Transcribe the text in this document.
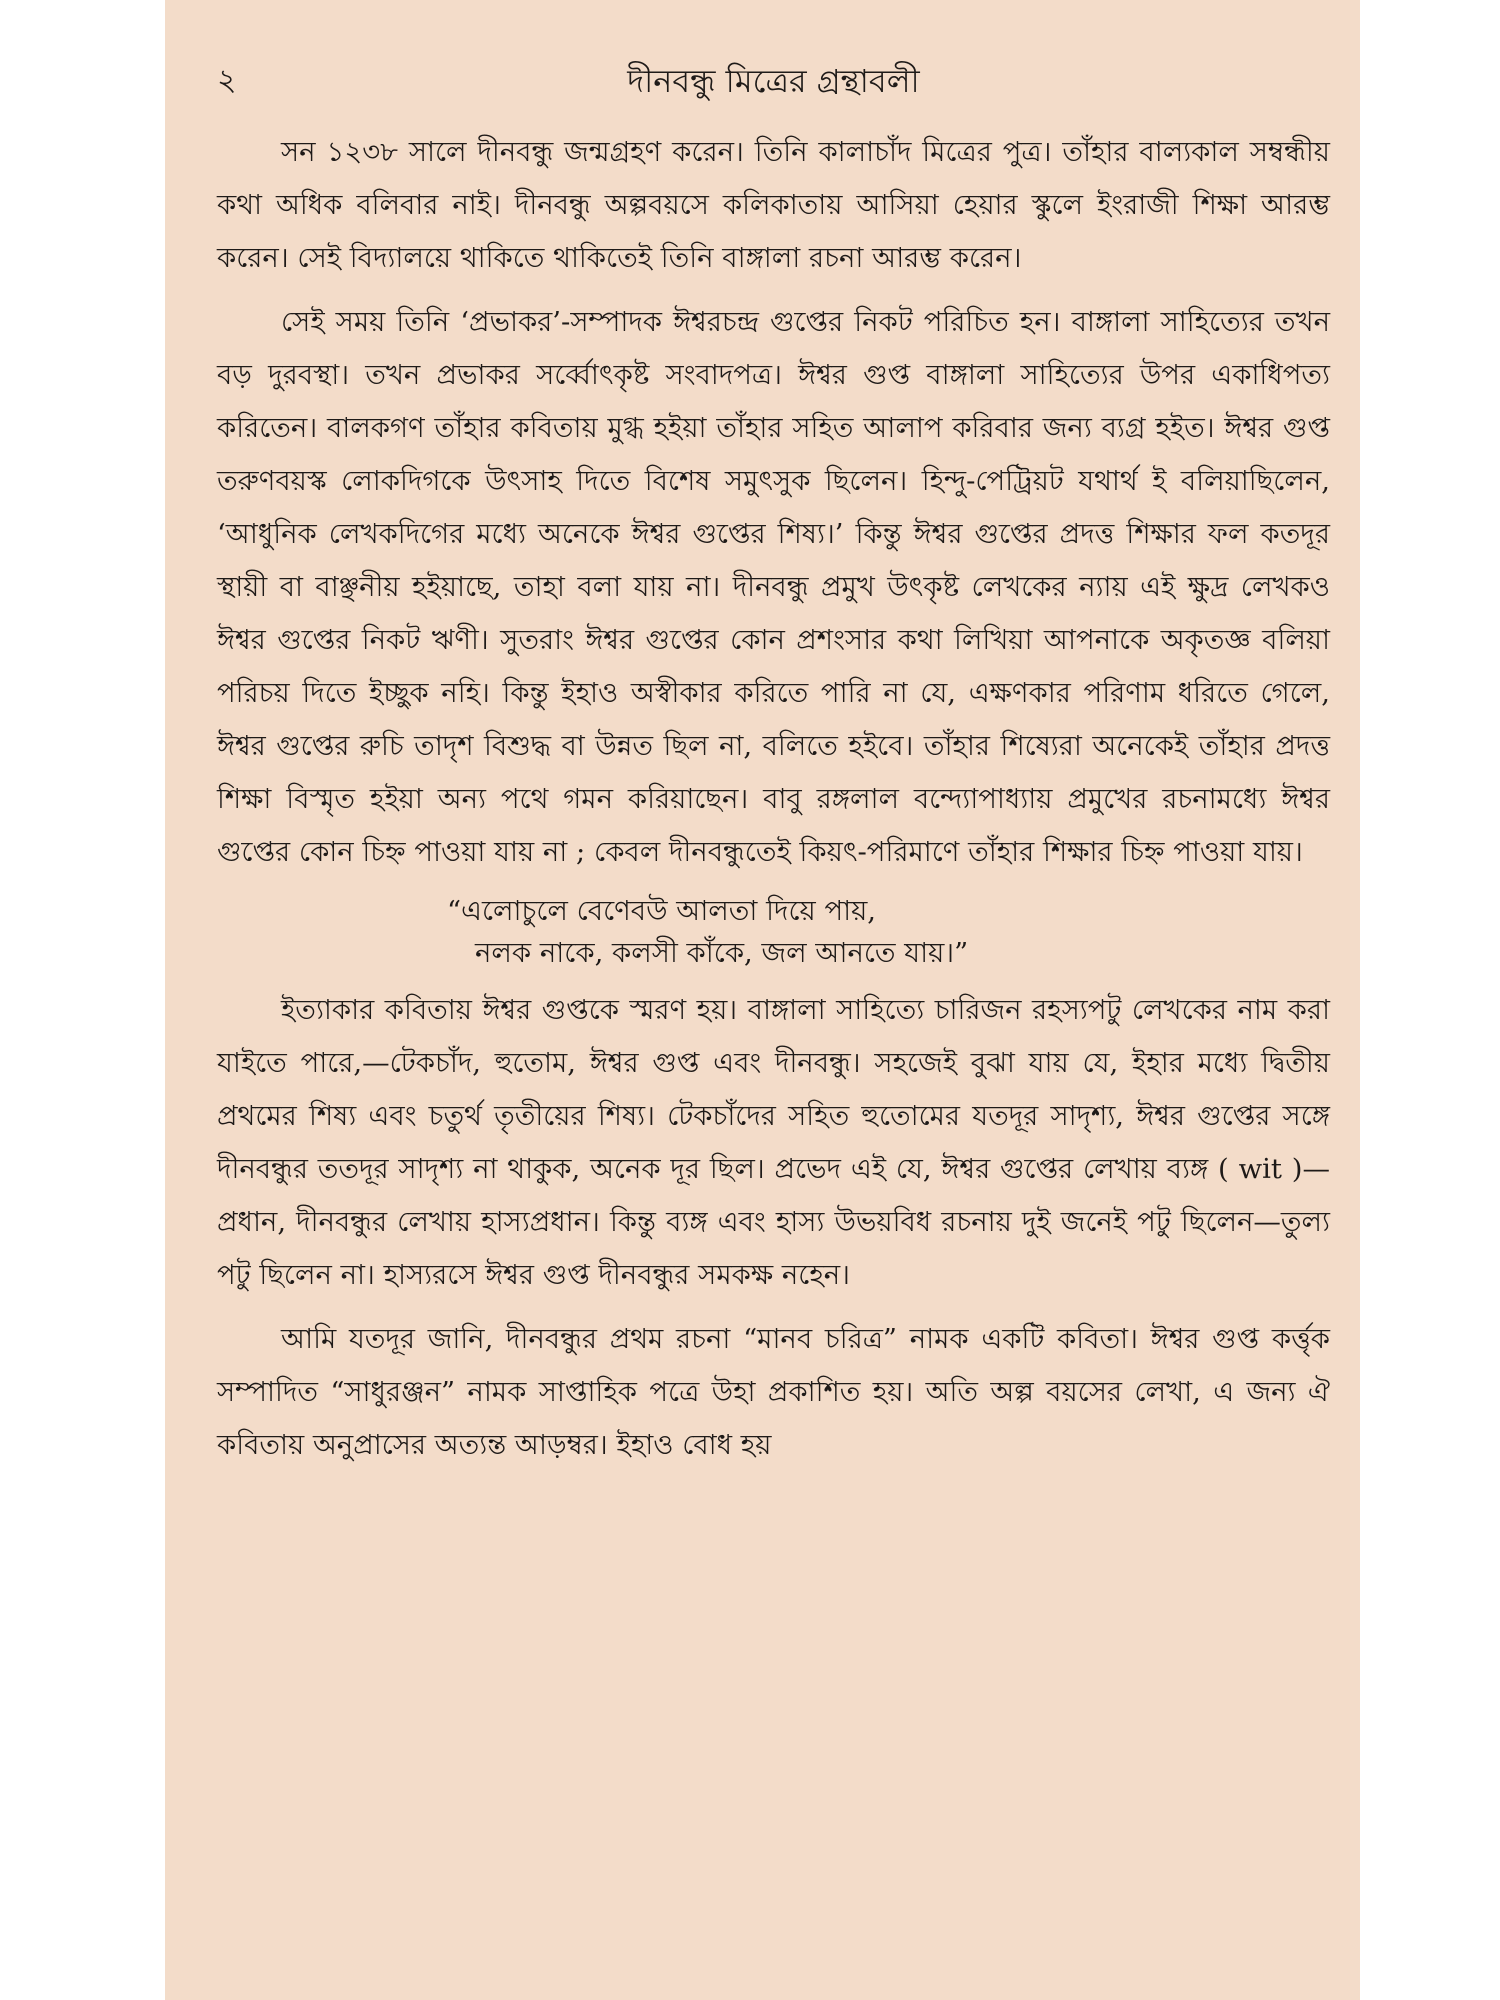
২	দীনবন্ধু মিত্রের গ্রন্থাবলী

সন ১২৩৮ সালে দীনবন্ধু জন্মগ্রহণ করেন। তিনি কালাচাঁদ মিত্রের পুত্র। তাঁহার বাল্যকাল সম্বন্ধীয় কথা অধিক বলিবার নাই। দীনবন্ধু অল্পবয়সে কলিকাতায় আসিয়া হেয়ার স্কুলে ইংরাজী শিক্ষা আরম্ভ করেন। সেই বিদ্যালয়ে থাকিতে থাকিতেই তিনি বাঙ্গালা রচনা আরম্ভ করেন।

সেই সময় তিনি ‘প্রভাকর’-সম্পাদক ঈশ্বরচন্দ্র গুপ্তের নিকট পরিচিত হন। বাঙ্গালা সাহিত্যের তখন বড় দুরবস্থা। তখন প্রভাকর সর্ব্বোৎকৃষ্ট সংবাদপত্র। ঈশ্বর গুপ্ত বাঙ্গালা সাহিত্যের উপর একাধিপত্য করিতেন। বালকগণ তাঁহার কবিতায় মুগ্ধ হইয়া তাঁহার সহিত আলাপ করিবার জন্য ব্যগ্র হইত। ঈশ্বর গুপ্ত তরুণবয়স্ক লোকদিগকে উৎসাহ দিতে বিশেষ সমুৎসুক ছিলেন। হিন্দু-পেট্রিয়ট যথার্থ ই বলিয়াছিলেন, ‘আধুনিক লেখকদিগের মধ্যে অনেকে ঈশ্বর গুপ্তের শিষ্য।’ কিন্তু ঈশ্বর গুপ্তের প্রদত্ত শিক্ষার ফল কতদূর স্থায়ী বা বাঞ্ছনীয় হইয়াছে, তাহা বলা যায় না। দীনবন্ধু প্রমুখ উৎকৃষ্ট লেখকের ন্যায় এই ক্ষুদ্র লেখকও ঈশ্বর গুপ্তের নিকট ঋণী। সুতরাং ঈশ্বর গুপ্তের কোন প্রশংসার কথা লিখিয়া আপনাকে অকৃতজ্ঞ বলিয়া পরিচয় দিতে ইচ্ছুক নহি। কিন্তু ইহাও অস্বীকার করিতে পারি না যে, এক্ষণকার পরিণাম ধরিতে গেলে, ঈশ্বর গুপ্তের রুচি তাদৃশ বিশুদ্ধ বা উন্নত ছিল না, বলিতে হইবে। তাঁহার শিষ্যেরা অনেকেই তাঁহার প্রদত্ত শিক্ষা বিস্মৃত হইয়া অন্য পথে গমন করিয়াছেন। বাবু রঙ্গলাল বন্দ্যোপাধ্যায় প্রমুখের রচনামধ্যে ঈশ্বর গুপ্তের কোন চিহ্ন পাওয়া যায় না ; কেবল দীনবন্ধুতেই কিয়ৎ-পরিমাণে তাঁহার শিক্ষার চিহ্ন পাওয়া যায়।

“এলোচুলে বেণেবউ আলতা দিয়ে পায়,
নলক নাকে, কলসী কাঁকে, জল আনতে যায়।”

ইত্যাকার কবিতায় ঈশ্বর গুপ্তকে স্মরণ হয়। বাঙ্গালা সাহিত্যে চারিজন রহস্যপটু লেখকের নাম করা যাইতে পারে,—টেকচাঁদ, হুতোম, ঈশ্বর গুপ্ত এবং দীনবন্ধু। সহজেই বুঝা যায় যে, ইহার মধ্যে দ্বিতীয় প্রথমের শিষ্য এবং চতুর্থ তৃতীয়ের শিষ্য। টেকচাঁদের সহিত হুতোমের যতদূর সাদৃশ্য, ঈশ্বর গুপ্তের সঙ্গে দীনবন্ধুর ততদূর সাদৃশ্য না থাকুক, অনেক দূর ছিল। প্রভেদ এই যে, ঈশ্বর গুপ্তের লেখায় ব্যঙ্গ ( wit )—প্রধান, দীনবন্ধুর লেখায় হাস্যপ্রধান। কিন্তু ব্যঙ্গ এবং হাস্য উভয়বিধ রচনায় দুই জনেই পটু ছিলেন—তুল্য পটু ছিলেন না। হাস্যরসে ঈশ্বর গুপ্ত দীনবন্ধুর সমকক্ষ নহেন।

আমি যতদূর জানি, দীনবন্ধুর প্রথম রচনা “মানব চরিত্র” নামক একটি কবিতা। ঈশ্বর গুপ্ত কর্ত্তৃক সম্পাদিত “সাধুরঞ্জন” নামক সাপ্তাহিক পত্রে উহা প্রকাশিত হয়। অতি অল্প বয়সের লেখা, এ জন্য ঐ কবিতায় অনুপ্রাসের অত্যন্ত আড়ম্বর। ইহাও বোধ হয়
